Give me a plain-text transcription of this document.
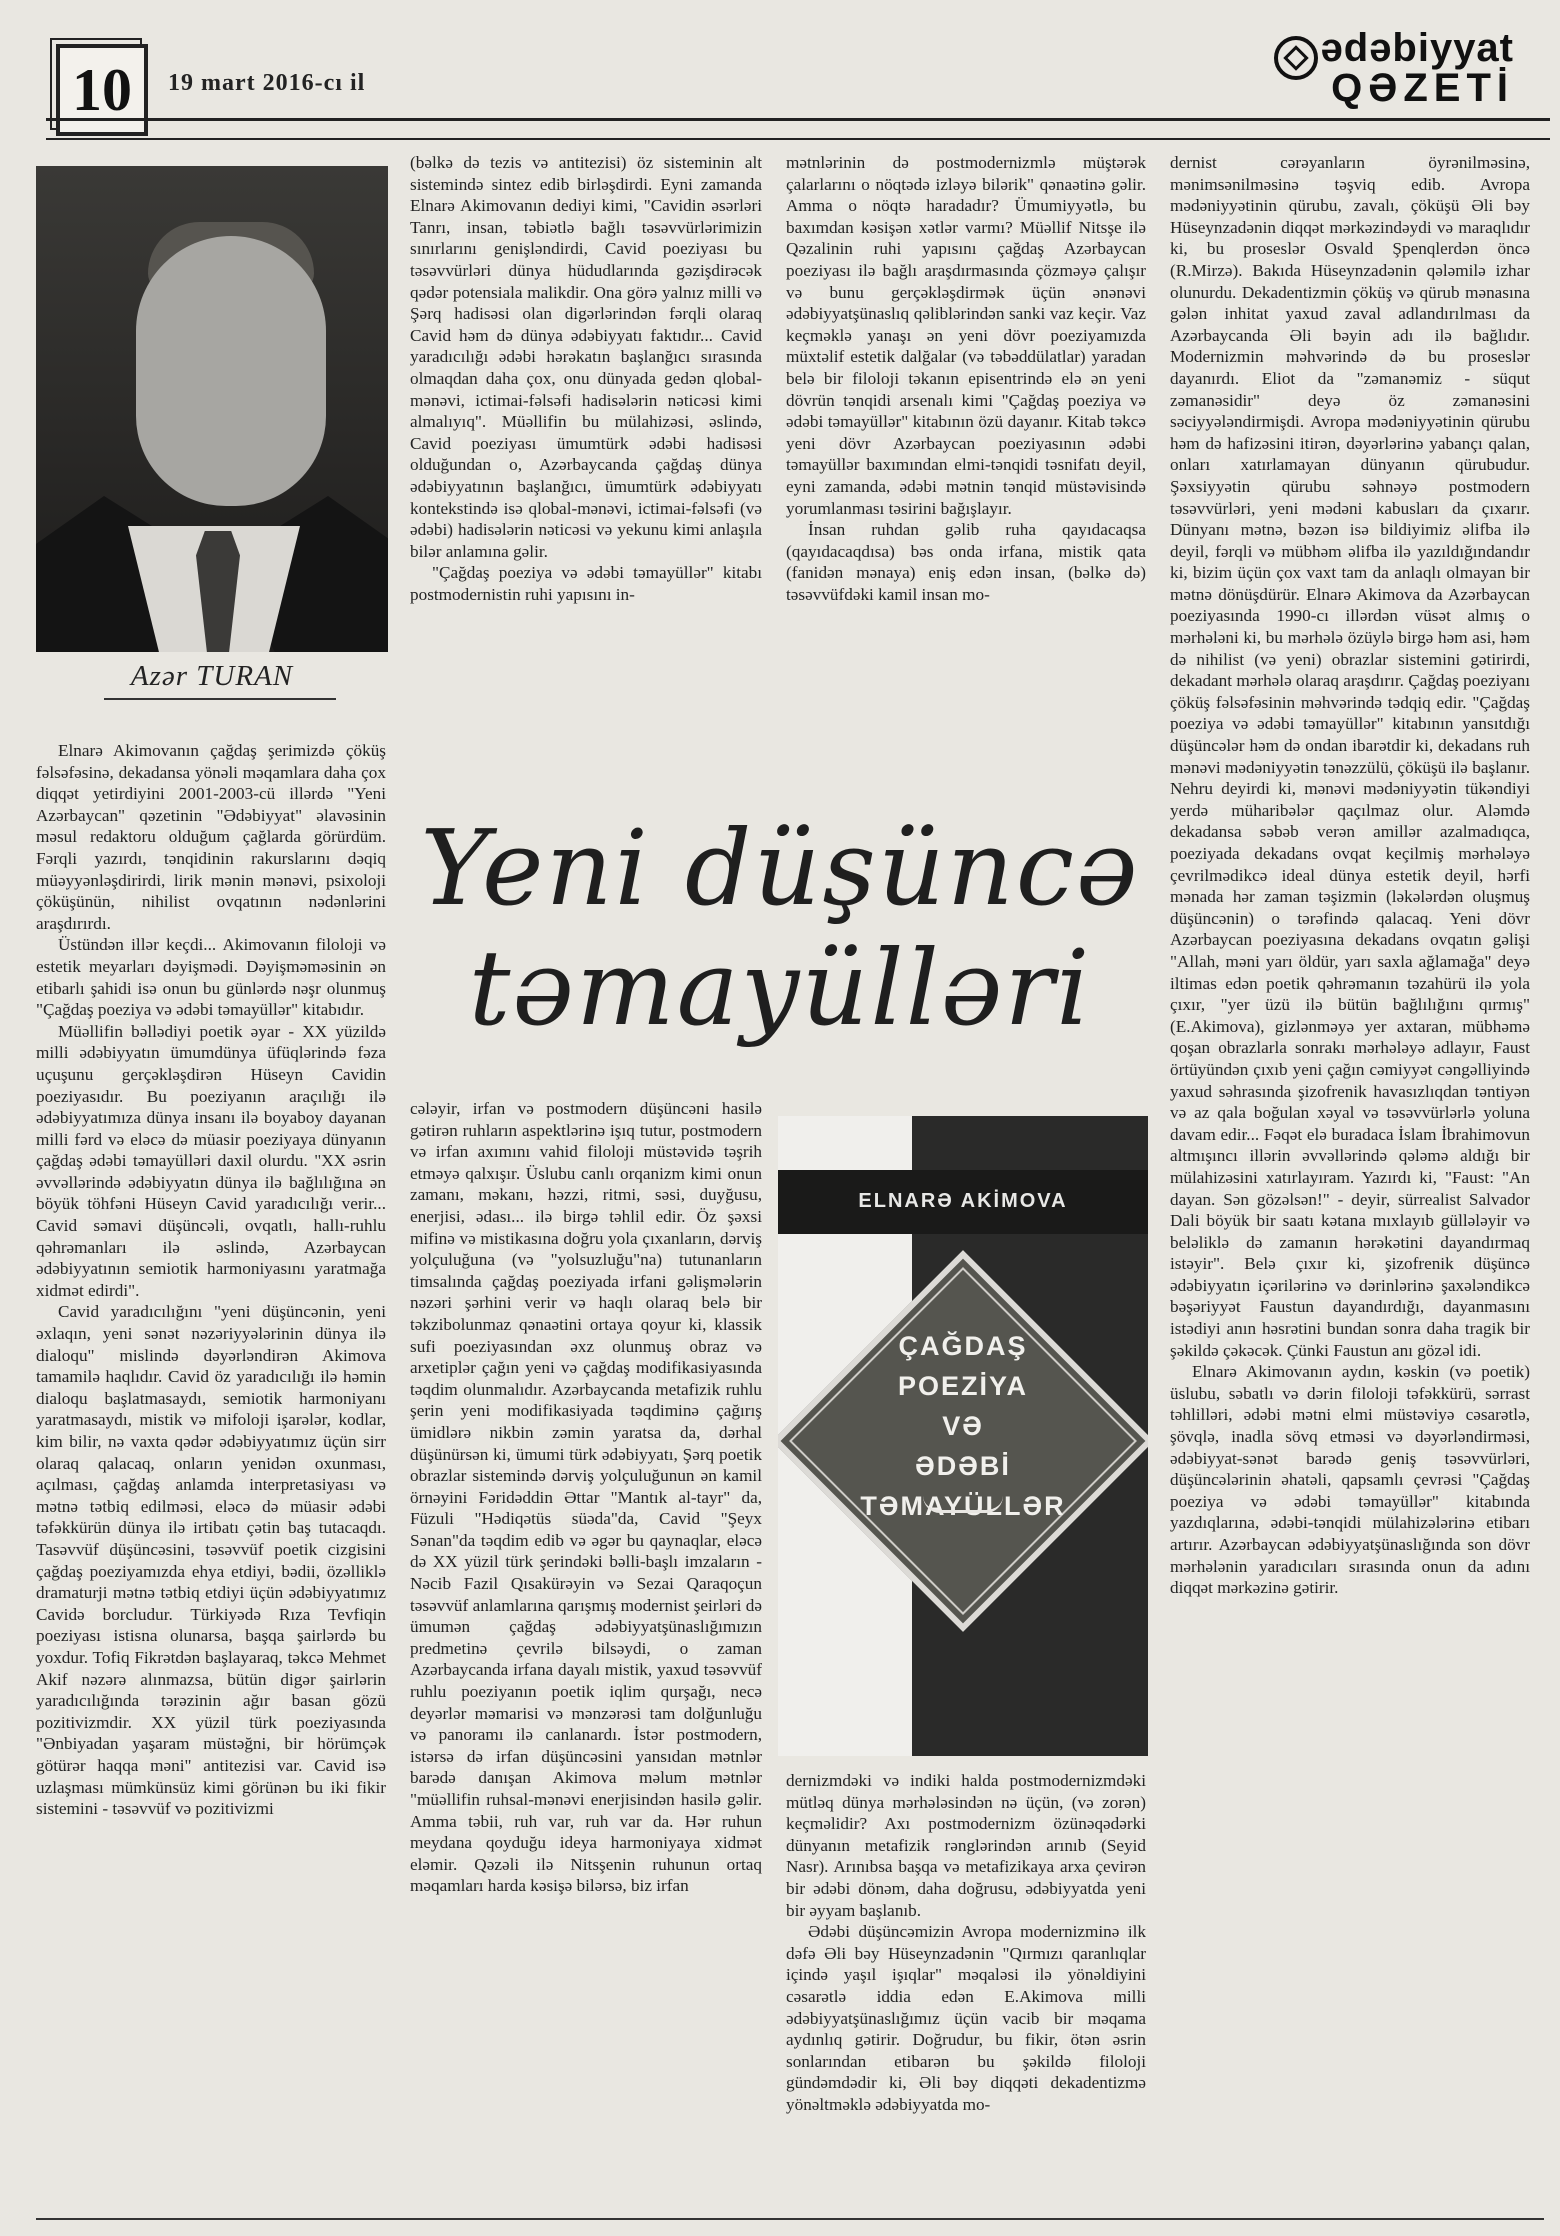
10	19 mart 2016-cı il
ədəbiyyat
QƏZETİ
Azər TURAN

Elnarə Akimovanın çağdaş şerimizdə çöküş fəlsəfəsinə, dekadansa yönəli məqamlara daha çox diqqət yetirdiyini 2001-2003-cü illərdə "Yeni Azərbaycan" qəzetinin "Ədəbiyyat" əlavəsinin məsul redaktoru olduğum çağlarda görürdüm. Fərqli yazırdı, tənqidinin rakurslarını dəqiq müəyyənləşdirirdi, lirik mənin mənəvi, psixoloji çöküşünün, nihilist ovqatının nədənlərini araşdırırdı.

Üstündən illər keçdi... Akimovanın filoloji və estetik meyarları dəyişmədi. Dəyişməməsinin ən etibarlı şahidi isə onun bu günlərdə nəşr olunmuş "Çağdaş poeziya və ədəbi təmayüllər" kitabıdır.

Müəllifin bəllədiyi poetik əyar - XX yüzildə milli ədəbiyyatın ümumdünya üfüqlərində fəza uçuşunu gerçəkləşdirən Hüseyn Cavidin poeziyasıdır. Bu poeziyanın araçılığı ilə ədəbiyyatımıza dünya insanı ilə boyaboy dayanan milli fərd və eləcə də müasir poeziyaya dünyanın çağdaş ədəbi təmayülləri daxil olurdu. "XX əsrin əvvəllərində ədəbiyyatın dünya ilə bağlılığına ən böyük töhfəni Hüseyn Cavid yaradıcılığı verir... Cavid səmavi düşüncəli, ovqatlı, hallı-ruhlu qəhrəmanları ilə əslində, Azərbaycan ədəbiyyatının semiotik harmoniyasını yaratmağa xidmət edirdi".

Cavid yaradıcılığını "yeni düşüncənin, yeni əxlaqın, yeni sənət nəzəriyyələrinin dünya ilə dialoqu" mislində dəyərləndirən Akimova tamamilə haqlıdır. Cavid öz yaradıcılığı ilə həmin dialoqu başlatmasaydı, semiotik harmoniyanı yaratmasaydı, mistik və mifoloji işarələr, kodlar, kim bilir, nə vaxta qədər ədəbiyyatımız üçün sirr olaraq qalacaq, onların yenidən oxunması, açılması, çağdaş anlamda interpretasiyası və mətnə tətbiq edilməsi, eləcə də müasir ədəbi təfəkkürün dünya ilə irtibatı çətin baş tutacaqdı. Tasəvvüf düşüncəsini, təsəvvüf poetik cizgisini çağdaş poeziyamızda ehya etdiyi, bədii, özəlliklə dramaturji mətnə tətbiq etdiyi üçün ədəbiyyatımız Cavidə borcludur. Türkiyədə Rıza Tevfiqin poeziyası istisna olunarsa, başqa şairlərdə bu yoxdur. Tofiq Fikrətdən başlayaraq, təkcə Mehmet Akif nəzərə alınmazsa, bütün digər şairlərin yaradıcılığında tərəzinin ağır basan gözü pozitivizmdir. XX yüzil türk poeziyasında "Ənbiyadan yaşaram müstəğni, bir hörümçək götürər haqqa məni" antitezisi var. Cavid isə uzlaşması mümkünsüz kimi görünən bu iki fikir sistemini - təsəvvüf və pozitivizmi

(bəlkə də tezis və antitezisi) öz sisteminin alt sistemində sintez edib birləşdirdi. Eyni zamanda Elnarə Akimovanın dediyi kimi, "Cavidin əsərləri Tanrı, insan, təbiətlə bağlı təsəvvürlərimizin sınırlarını genişləndirdi, Cavid poeziyası bu təsəvvürləri dünya hüdudlarında gəzişdirəcək qədər potensiala malikdir. Ona görə yalnız milli və Şərq hadisəsi olan digərlərindən fərqli olaraq Cavid həm də dünya ədəbiyyatı faktıdır... Cavid yaradıcılığı ədəbi hərəkatın başlanğıcı sırasında olmaqdan daha çox, onu dünyada gedən qlobal-mənəvi, ictimai-fəlsəfi hadisələrin nəticəsi kimi almalıyıq". Müəllifin bu mülahizəsi, əslində, Cavid poeziyası ümumtürk ədəbi hadisəsi olduğundan o, Azərbaycanda çağdaş dünya ədəbiyyatının başlanğıcı, ümumtürk ədəbiyyatı kontekstində isə qlobal-mənəvi, ictimai-fəlsəfi (və ədəbi) hadisələrin nəticəsi və yekunu kimi anlaşıla bilər anlamına gəlir.

"Çağdaş poeziya və ədəbi təmayüllər" kitabı postmodernistin ruhi yapısını in-

mətnlərinin də postmodernizmlə müştərək çalarlarını o nöqtədə izləyə bilərik" qənaətinə gəlir. Amma o nöqtə haradadır? Ümumiyyətlə, bu baxımdan kəsişən xətlər varmı? Müəllif Nitsşe ilə Qəzalinin ruhi yapısını çağdaş Azərbaycan poeziyası ilə bağlı araşdırmasında çözməyə çalışır və bunu gerçəkləşdirmək üçün ənənəvi ədəbiyyatşünaslıq qəliblərindən sanki vaz keçir. Vaz keçməklə yanaşı ən yeni dövr poeziyamızda müxtəlif estetik dalğalar (və təbəddülatlar) yaradan belə bir filoloji təkanın episentrində elə ən yeni dövrün tənqidi arsenalı kimi "Çağdaş poeziya və ədəbi təmayüllər" kitabının özü dayanır. Kitab təkcə yeni dövr Azərbaycan poeziyasının ədəbi təmayüllər baxımından elmi-tənqidi təsnifatı deyil, eyni zamanda, ədəbi mətnin tənqid müstəvisində yorumlanması təsirini bağışlayır.

İnsan ruhdan gəlib ruha qayıdacaqsa (qayıdacaqdısa) bəs onda irfana, mistik qata (fanidən mənaya) eniş edən insan, (bəlkə də) təsəvvüfdəki kamil insan mo-

Yeni düşüncə
təmayülləri

cələyir, irfan və postmodern düşüncəni hasilə gətirən ruhların aspektlərinə işıq tutur, postmodern və irfan axımını vahid filoloji müstəvidə təşrih etməyə qalxışır. Üslubu canlı orqanizm kimi onun zamanı, məkanı, həzzi, ritmi, səsi, duyğusu, enerjisi, ədası... ilə birgə təhlil edir. Öz şəxsi mifinə və mistikasına doğru yola çıxanların, dərviş yolçuluğuna (və "yolsuzluğu"na) tutunanların timsalında çağdaş poeziyada irfani gəlişmələrin nəzəri şərhini verir və haqlı olaraq belə bir təkzibolunmaz qənaətini ortaya qoyur ki, klassik sufi poeziyasından əxz olunmuş obraz və arxetiplər çağın yeni və çağdaş modifikasiyasında təqdim olunmalıdır. Azərbaycanda metafizik ruhlu şerin yeni modifikasiyada təqdiminə çağırış ümidlərə nikbin zəmin yaratsa da, dərhal düşünürsən ki, ümumi türk ədəbiyyatı, Şərq poetik obrazlar sistemində dərviş yolçuluğunun ən kamil örnəyini Fəridəddin Əttar "Mantık al-tayr" da, Füzuli "Hədiqətüs süəda"da, Cavid "Şeyx Sənan"da təqdim edib və əgər bu qaynaqlar, eləcə də XX yüzil türk şerindəki bəlli-başlı imzaların - Nəcib Fazil Qısakürəyin və Sezai Qaraqoçun təsəvvüf anlamlarına qarışmış modernist şeirləri də ümumən çağdaş ədəbiyyatşünaslığımızın predmetinə çevrilə bilsəydi, o zaman Azərbaycanda irfana dayalı mistik, yaxud təsəvvüf ruhlu poeziyanın poetik iqlim qurşağı, necə deyərlər məmarisi və mənzərəsi tam dolğunluğu və panoramı ilə canlanardı. İstər postmodern, istərsə də irfan düşüncəsini yansıdan mətnlər barədə danışan Akimova məlum mətnlər "müəllifin ruhsal-mənəvi enerjisindən hasilə gəlir. Amma təbii, ruh var, ruh var da. Hər ruhun meydana qoyduğu ideya harmoniyaya xidmət eləmir. Qəzəli ilə Nitsşenin ruhunun ortaq məqamları harda kəsişə bilərsə, biz irfan

ELNARƏ AKİMOVA
ÇAĞDAŞ
POEZİYA
VƏ
ƏDƏBİ
TƏMAYÜLLƏR

dernizmdəki və indiki halda postmodernizmdəki mütləq dünya mərhələsindən nə üçün, (və zorən) keçməlidir? Axı postmodernizm özünəqədərki dünyanın metafizik rənglərindən arınıb (Seyid Nasr). Arınıbsa başqa və metafizikaya arxa çevirən bir ədəbi dönəm, daha doğrusu, ədəbiyyatda yeni bir əyyam başlanıb.

Ədəbi düşüncəmizin Avropa modernizminə ilk dəfə Əli bəy Hüseynzadənin "Qırmızı qaranlıqlar içində yaşıl işıqlar" məqaləsi ilə yönəldiyini cəsarətlə iddia edən E.Akimova milli ədəbiyyatşünaslığımız üçün vacib bir məqama aydınlıq gətirir. Doğrudur, bu fikir, ötən əsrin sonlarından etibarən bu şəkildə filoloji gündəmdədir ki, Əli bəy diqqəti dekadentizmə yönəltməklə ədəbiyyatda mo-

dernist cərəyanların öyrənilməsinə, mənimsənilməsinə təşviq edib. Avropa mədəniyyətinin qürubu, zavalı, çöküşü Əli bəy Hüseynzadənin diqqət mərkəzindəydi və maraqlıdır ki, bu proseslər Osvald Şpenqlerdən öncə (R.Mirzə). Bakıda Hüseynzadənin qələmilə izhar olunurdu. Dekadentizmin çöküş və qürub mənasına gələn inhitat yaxud zaval adlandırılması da Azərbaycanda Əli bəyin adı ilə bağlıdır. Modernizmin məhvərində də bu proseslər dayanırdı. Eliot da "zəmanəmiz - süqut zəmanəsidir" deyə öz zəmanəsini səciyyələndirmişdi. Avropa mədəniyyətinin qürubu həm də hafizəsini itirən, dəyərlərinə yabançı qalan, onları xatırlamayan dünyanın qürubudur. Şəxsiyyətin qürubu səhnəyə postmodern təsəvvürləri, yeni mədəni kabusları da çıxarır. Dünyanı mətnə, bəzən isə bildiyimiz əlifba ilə deyil, fərqli və mübhəm əlifba ilə yazıldığındandır ki, bizim üçün çox vaxt tam da anlaqlı olmayan bir mətnə dönüşdürür. Elnarə Akimova da Azərbaycan poeziyasında 1990-cı illərdən vüsət almış o mərhələni ki, bu mərhələ özüylə birgə həm asi, həm də nihilist (və yeni) obrazlar sistemini gətirirdi, dekadant mərhələ olaraq araşdırır. Çağdaş poeziyanı çöküş fəlsəfəsinin məhvərində tədqiq edir. "Çağdaş poeziya və ədəbi təmayüllər" kitabının yansıtdığı düşüncələr həm də ondan ibarətdir ki, dekadans ruh mənəvi mədəniyyətin tənəzzülü, çöküşü ilə başlanır. Nehru deyirdi ki, mənəvi mədəniyyətin tükəndiyi yerdə müharibələr qaçılmaz olur. Aləmdə dekadansa səbəb verən amillər azalmadıqca, poeziyada dekadans ovqat keçilmiş mərhələyə çevrilmədikcə ideal dünya estetik deyil, hərfi mənada hər zaman təşizmin (ləkələrdən oluşmuş düşüncənin) o tərəfində qalacaq. Yeni dövr Azərbaycan poeziyasına dekadans ovqatın gəlişi "Allah, məni yarı öldür, yarı saxla ağlamağa" deyə iltimas edən poetik qəhrəmanın təzahürü ilə yola çıxır, "yer üzü ilə bütün bağlılığını qırmış" (E.Akimova), gizlənməyə yer axtaran, mübhəmə qoşan obrazlarla sonrakı mərhələyə adlayır, Faust örtüyündən çıxıb yeni çağın cəmiyyət cəngəlliyində yaxud səhrasında şizofrenik havasızlıqdan təntiyən və az qala boğulan xəyal və təsəvvürlərlə yoluna davam edir... Fəqət elə buradaca İslam İbrahimovun altmışıncı illərin əvvəllərində qələmə aldığı bir mülahizəsini xatırlayıram. Yazırdı ki, "Faust: "An dayan. Sən gözəlsən!" - deyir, sürrealist Salvador Dali böyük bir saatı kətana mıxlayıb güllələyir və beləliklə də zamanın hərəkətini dayandırmaq istəyir". Belə çıxır ki, şizofrenik düşüncə ədəbiyyatın içərilərinə və dərinlərinə şaxələndikcə bəşəriyyət Faustun dayandırdığı, dayanmasını istədiyi anın həsrətini bundan sonra daha tragik bir şəkildə çəkəcək. Çünki Faustun anı gözəl idi.

Elnarə Akimovanın aydın, kəskin (və poetik) üslubu, səbatlı və dərin filoloji təfəkkürü, sərrast təhlilləri, ədəbi mətni elmi müstəviyə cəsarətlə, şövqlə, inadla sövq etməsi və dəyərləndirməsi, ədəbiyyat-sənət barədə geniş təsəvvürləri, düşüncələrinin əhatəli, qapsamlı çevrəsi "Çağdaş poeziya və ədəbi təmayüllər" kitabında yazdıqlarına, ədəbi-tənqidi mülahizələrinə etibarı artırır. Azərbaycan ədəbiyyatşünaslığında son dövr mərhələnin yaradıcıları sırasında onun da adını diqqət mərkəzinə gətirir.
